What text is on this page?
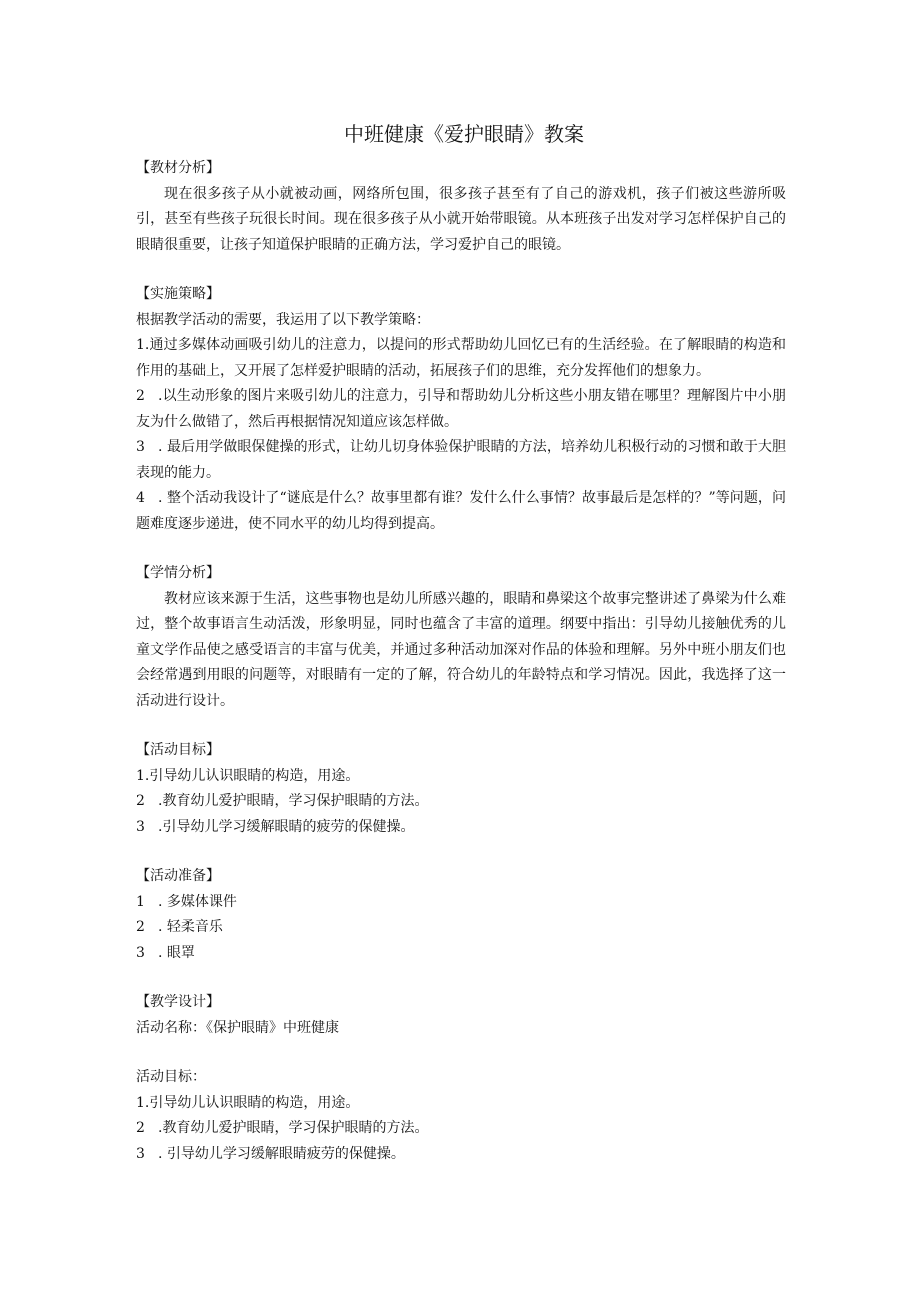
中班健康《爱护眼睛》教案

【教材分析】

现在很多孩子从小就被动画，网络所包围，很多孩子甚至有了自己的游戏机，孩子们被这些游所吸引，甚至有些孩子玩很长时间。现在很多孩子从小就开始带眼镜。从本班孩子出发对学习怎样保护自己的眼睛很重要，让孩子知道保护眼睛的正确方法，学习爱护自己的眼镜。

【实施策略】

根据教学活动的需要，我运用了以下教学策略：

1.通过多媒体动画吸引幼儿的注意力，以提问的形式帮助幼儿回忆已有的生活经验。在了解眼睛的构造和作用的基础上，又开展了怎样爱护眼睛的活动，拓展孩子们的思维，充分发挥他们的想象力。

2 .以生动形象的图片来吸引幼儿的注意力，引导和帮助幼儿分析这些小朋友错在哪里？理解图片中小朋友为什么做错了，然后再根据情况知道应该怎样做。

3 . 最后用学做眼保健操的形式，让幼儿切身体验保护眼睛的方法，培养幼儿积极行动的习惯和敢于大胆表现的能力。

4 . 整个活动我设计了“谜底是什么？故事里都有谁？发什么什么事情？故事最后是怎样的？”等问题，问题难度逐步递进，使不同水平的幼儿均得到提高。

【学情分析】

教材应该来源于生活，这些事物也是幼儿所感兴趣的，眼睛和鼻梁这个故事完整讲述了鼻梁为什么难过，整个故事语言生动活泼，形象明显，同时也蕴含了丰富的道理。纲要中指出：引导幼儿接触优秀的儿童文学作品使之感受语言的丰富与优美，并通过多种活动加深对作品的体验和理解。另外中班小朋友们也会经常遇到用眼的问题等，对眼睛有一定的了解，符合幼儿的年龄特点和学习情况。因此，我选择了这一活动进行设计。

【活动目标】

1.引导幼儿认识眼睛的构造，用途。

2 .教育幼儿爱护眼睛，学习保护眼睛的方法。

3 .引导幼儿学习缓解眼睛的疲劳的保健操。

【活动准备】

1 . 多媒体课件

2 . 轻柔音乐

3 . 眼罩

【教学设计】

活动名称：《保护眼睛》中班健康

活动目标：

1.引导幼儿认识眼睛的构造，用途。

2 .教育幼儿爱护眼睛，学习保护眼睛的方法。

3 . 引导幼儿学习缓解眼睛疲劳的保健操。
